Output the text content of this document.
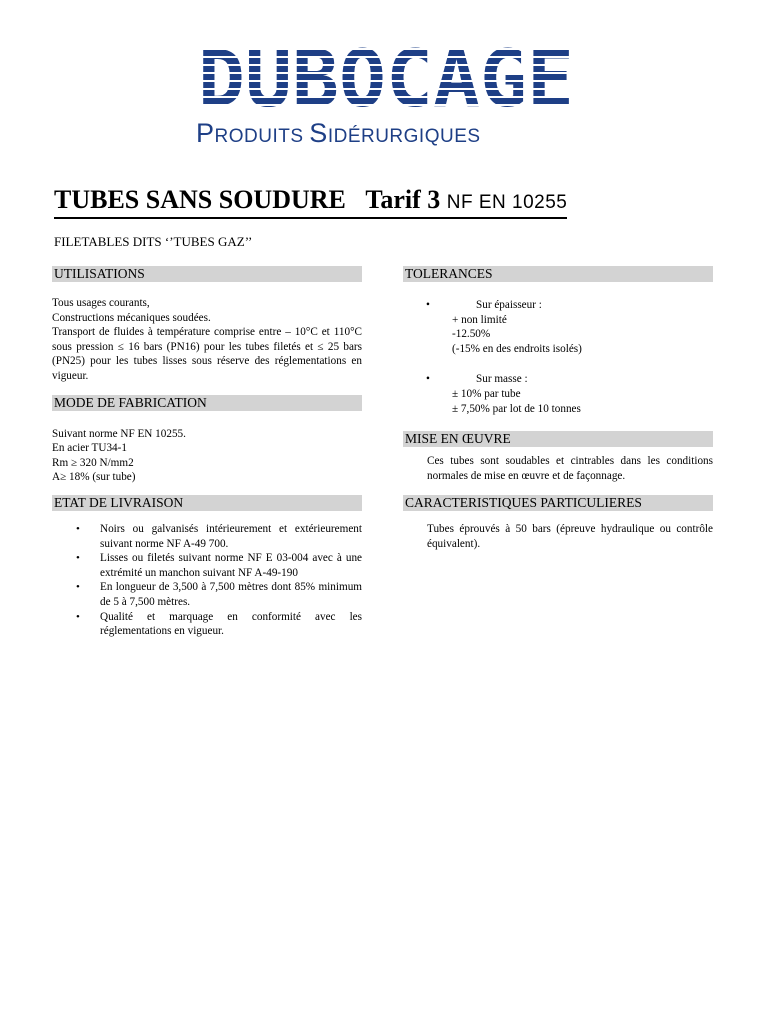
DUBOCAGE
PRODUITS SIDÉRURGIQUES
TUBES SANS SOUDURE Tarif 3 NF EN 10255
FILETABLES DITS ‘’TUBES GAZ’’
UTILISATIONS
Tous usages courants,
Constructions mécaniques soudées.
Transport de fluides à température comprise entre – 10°C et 110°C sous pression ≤ 16 bars (PN16) pour les tubes filetés et ≤ 25 bars (PN25) pour les tubes lisses sous réserve des réglementations en vigueur.
MODE DE FABRICATION
Suivant norme NF EN 10255.
En acier TU34-1
Rm ≥ 320 N/mm2
A≥ 18% (sur tube)
ETAT DE LIVRAISON
• Noirs ou galvanisés intérieurement et extérieurement suivant norme NF A-49 700.
• Lisses ou filetés suivant norme NF E 03-004 avec à une extrémité un manchon suivant NF A-49-190
• En longueur de 3,500 à 7,500 mètres dont 85% minimum de 5 à 7,500 mètres.
• Qualité et marquage en conformité avec les réglementations en vigueur.
TOLERANCES
•	Sur épaisseur :
+ non limité
-12.50%
(-15% en des endroits isolés)
•	Sur masse :
± 10% par tube
± 7,50% par lot de 10 tonnes
MISE EN ŒUVRE

Ces tubes sont soudables et cintrables dans les conditions normales de mise en œuvre et de façonnage.

CARACTERISTIQUES PARTICULIERES

Tubes éprouvés à 50 bars (épreuve hydraulique ou contrôle équivalent).
